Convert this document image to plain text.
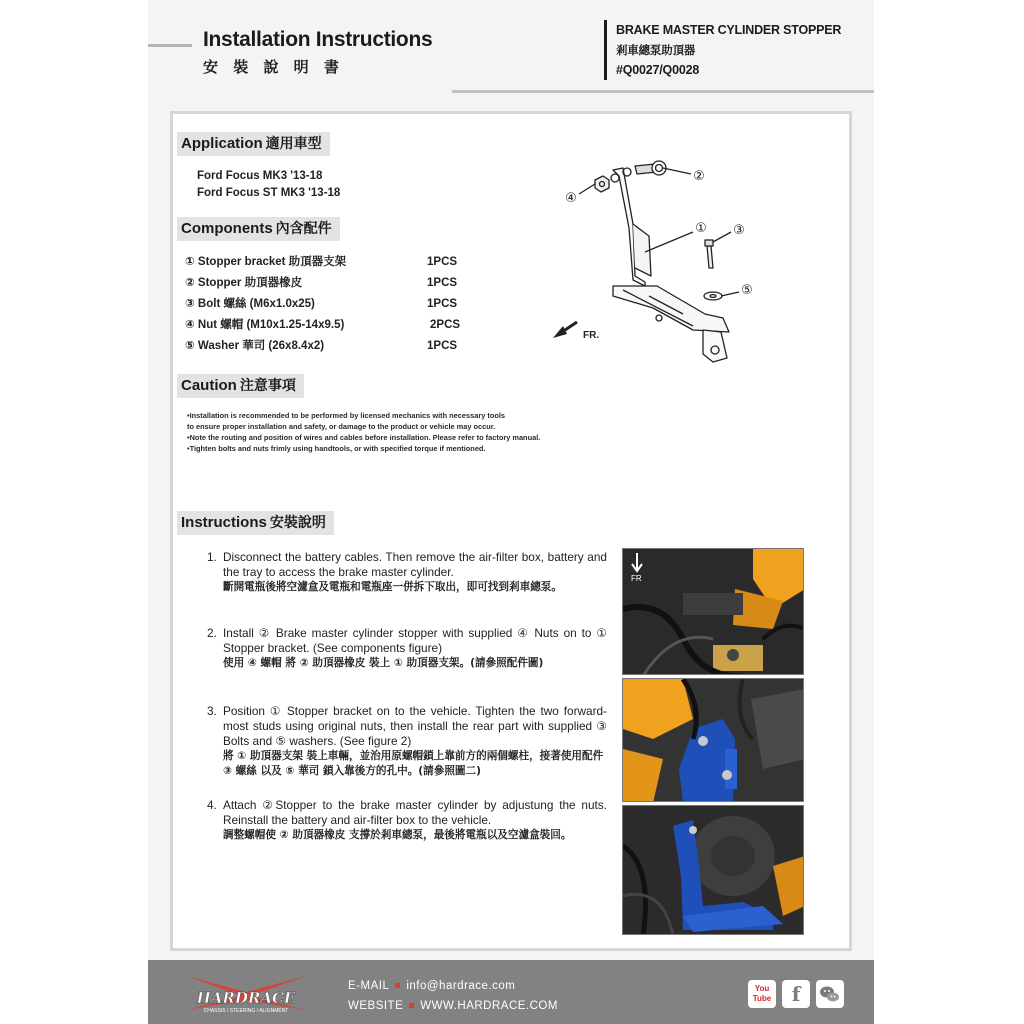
Installation Instructions
安 裝 說 明 書
BRAKE MASTER CYLINDER STOPPER
剎車總泵助頂器
#Q0027/Q0028
Application 適用車型
Ford Focus MK3 '13-18
Ford Focus ST MK3 '13-18
Components 內含配件
① Stopper bracket 助頂器支架	1PCS
② Stopper 助頂器橡皮	1PCS
③ Bolt 螺絲 (M6x1.0x25)	1PCS
④ Nut 螺帽 (M10x1.25-14x9.5)	2PCS
⑤ Washer 華司 (26x8.4x2)	1PCS
②
① ③
⑤
④
FR.
Caution 注意事項
•Installation is recommended to be performed by licensed mechanics with necessary tools
to ensure proper installation and safety, or damage to the product or vehicle may occur.
•Note the routing and position of wires and cables before installation. Please refer to factory manual.
•Tighten bolts and nuts frimly using handtools, or with specified torque if mentioned.
Instructions 安裝說明
1. Disconnect the battery cables. Then remove the air-filter box, battery and the tray to access the brake master cylinder.
斷開電瓶後將空濾盒及電瓶和電瓶座一併拆下取出，即可找到剎車總泵。
2. Install ② Brake master cylinder stopper with supplied ④ Nuts on to ① Stopper bracket. (See components figure)
使用 ④ 螺帽 將 ② 助頂器橡皮 裝上 ① 助頂器支架。(請參照配件圖)
3. Position ① Stopper bracket on to the vehicle. Tighten the two forward-most studs using original nuts, then install the rear part with supplied ③ Bolts and ⑤ washers. (See figure 2)
將 ① 助頂器支架 裝上車輛，並治用原螺帽鎖上靠前方的兩個螺柱，接著使用配件 ③ 螺絲 以及 ⑤ 華司 鎖入靠後方的孔中。(請參照圖二)
4. Attach ②Stopper to the brake master cylinder by adjustung the nuts. Reinstall the battery and air-filter box to the vehicle.
調整螺帽使 ② 助頂器橡皮 支撐於剎車總泵，最後將電瓶以及空濾盒裝回。
FR
HARDRACE
CHASSIS / STEERING / ALIGNMENT
E-MAIL info@hardrace.com
WEBSITE WWW.HARDRACE.COM
You Tube	f
